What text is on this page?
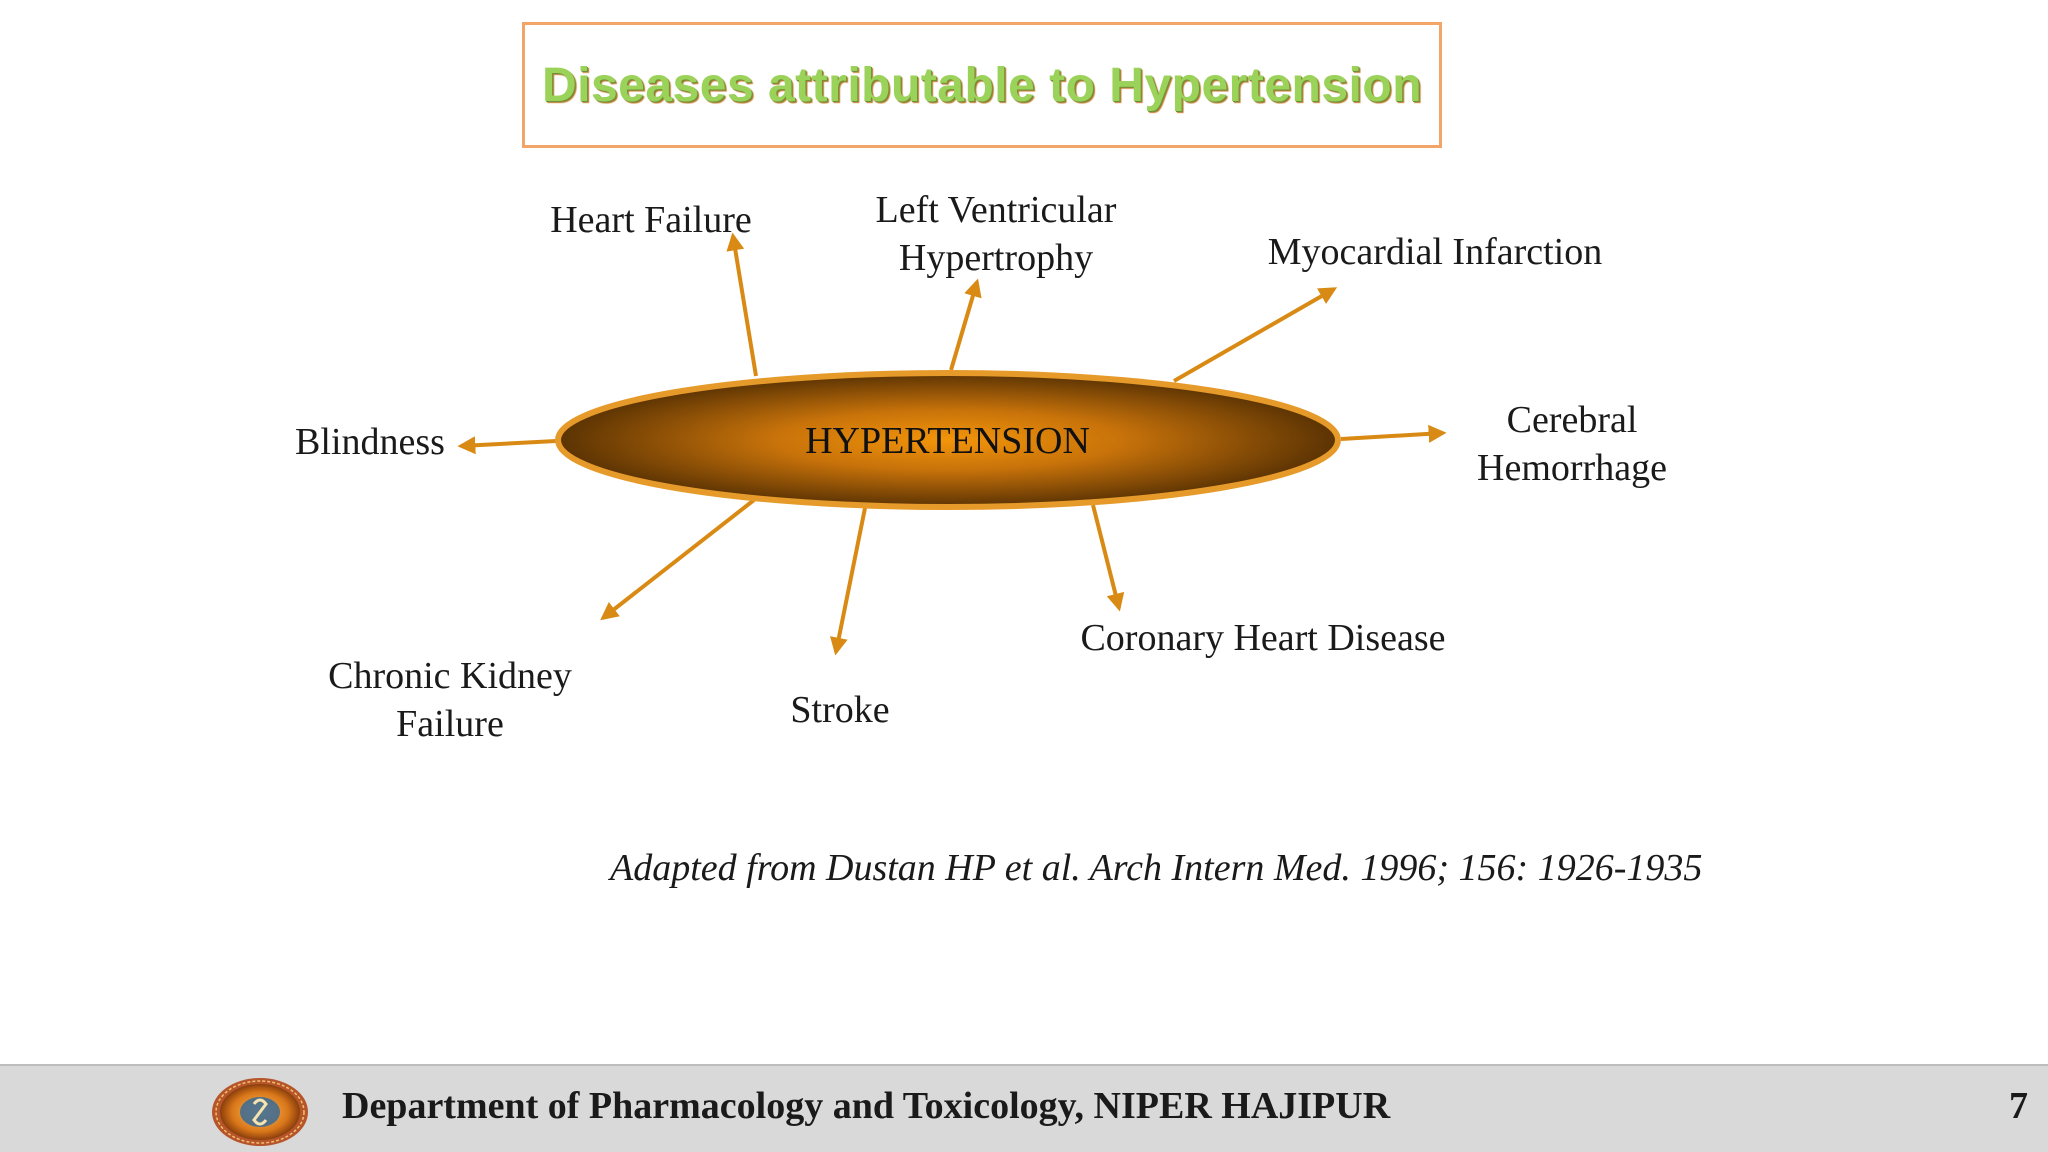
Diseases attributable to Hypertension
HYPERTENSION
Heart Failure	Left Ventricular
Hypertrophy	Myocardial Infarction
Cerebral
Hemorrhage
Coronary Heart Disease
Stroke
Chronic Kidney
Failure
Blindness
Adapted from Dustan HP et al. Arch Intern Med. 1996; 156: 1926-1935
Department of Pharmacology and Toxicology, NIPER HAJIPUR	7
